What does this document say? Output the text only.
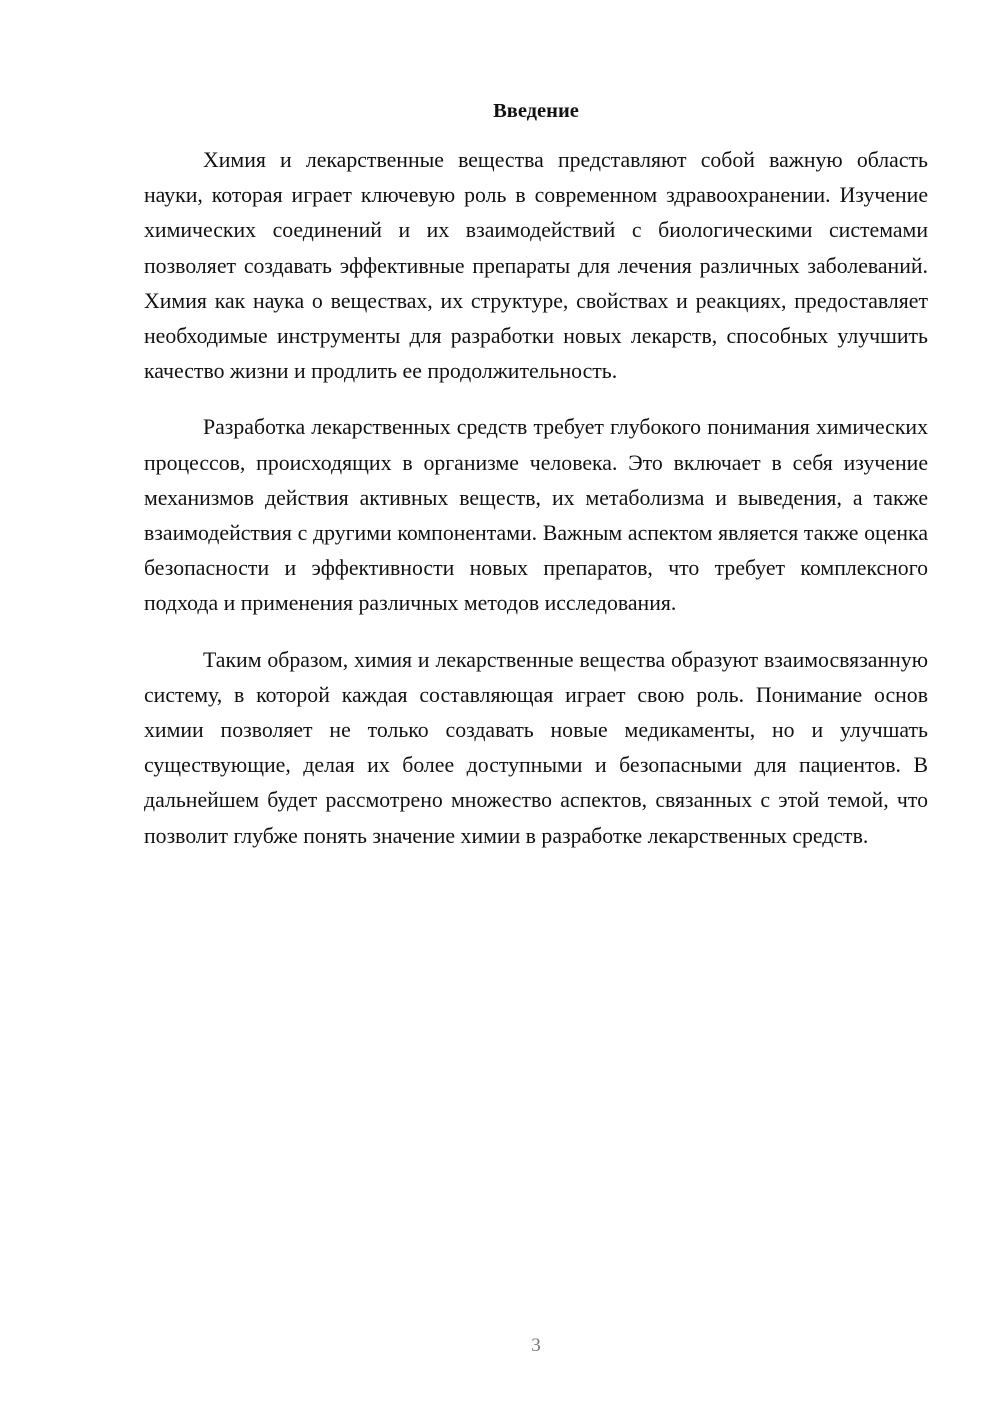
Введение

Химия и лекарственные вещества представляют собой важную область науки, которая играет ключевую роль в современном здравоохранении. Изучение химических соединений и их взаимодействий с биологическими системами позволяет создавать эффективные препараты для лечения различных заболеваний. Химия как наука о веществах, их структуре, свойствах и реакциях, предоставляет необходимые инструменты для разработки новых лекарств, способных улучшить качество жизни и продлить ее продолжительность.

Разработка лекарственных средств требует глубокого понимания химических процессов, происходящих в организме человека. Это включает в себя изучение механизмов действия активных веществ, их метаболизма и выведения, а также взаимодействия с другими компонентами. Важным аспектом является также оценка безопасности и эффективности новых препаратов, что требует комплексного подхода и применения различных методов исследования.

Таким образом, химия и лекарственные вещества образуют взаимосвязанную систему, в которой каждая составляющая играет свою роль. Понимание основ химии позволяет не только создавать новые медикаменты, но и улучшать существующие, делая их более доступными и безопасными для пациентов. В дальнейшем будет рассмотрено множество аспектов, связанных с этой темой, что позволит глубже понять значение химии в разработке лекарственных средств.

3
